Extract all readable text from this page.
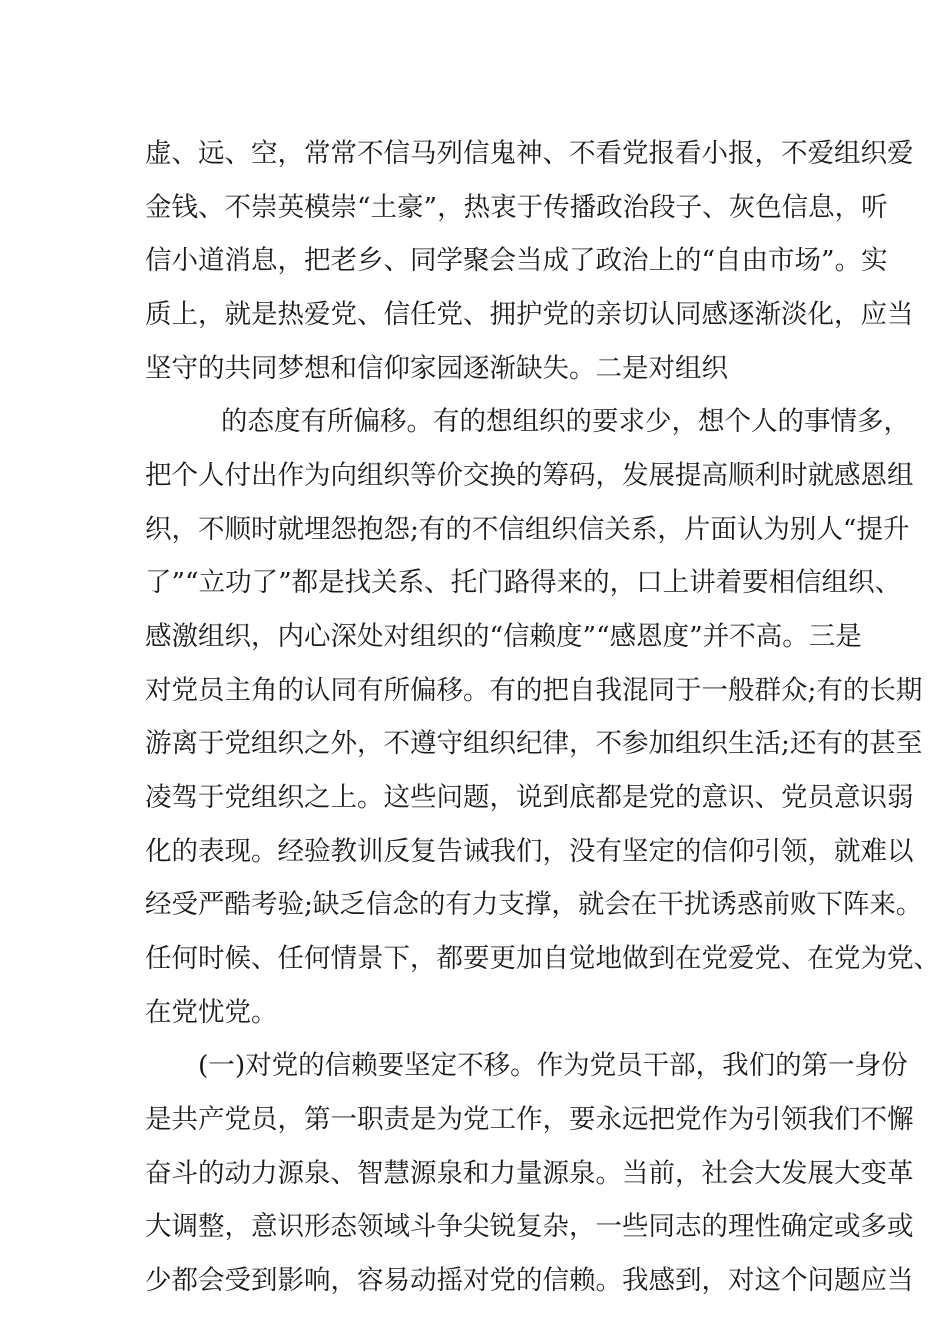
虚、远、空，常常不信马列信鬼神、不看党报看小报，不爱组织爱
金钱、不崇英模崇“土豪”，热衷于传播政治段子、灰色信息，听
信小道消息，把老乡、同学聚会当成了政治上的“自由市场”。实
质上，就是热爱党、信任党、拥护党的亲切认同感逐渐淡化，应当
坚守的共同梦想和信仰家园逐渐缺失。二是对组织
的态度有所偏移。有的想组织的要求少，想个人的事情多，
把个人付出作为向组织等价交换的筹码，发展提高顺利时就感恩组
织，不顺时就埋怨抱怨;有的不信组织信关系，片面认为别人“提升
了”“立功了”都是找关系、托门路得来的，口上讲着要相信组织、
感激组织，内心深处对组织的“信赖度”“感恩度”并不高。三是
对党员主角的认同有所偏移。有的把自我混同于一般群众;有的长期
游离于党组织之外，不遵守组织纪律，不参加组织生活;还有的甚至
凌驾于党组织之上。这些问题，说到底都是党的意识、党员意识弱
化的表现。经验教训反复告诫我们，没有坚定的信仰引领，就难以
经受严酷考验;缺乏信念的有力支撑，就会在干扰诱惑前败下阵来。
任何时候、任何情景下，都要更加自觉地做到在党爱党、在党为党、
在党忧党。
(一)对党的信赖要坚定不移。作为党员干部，我们的第一身份
是共产党员，第一职责是为党工作，要永远把党作为引领我们不懈
奋斗的动力源泉、智慧源泉和力量源泉。当前，社会大发展大变革
大调整，意识形态领域斗争尖锐复杂，一些同志的理性确定或多或
少都会受到影响，容易动摇对党的信赖。我感到，对这个问题应当
